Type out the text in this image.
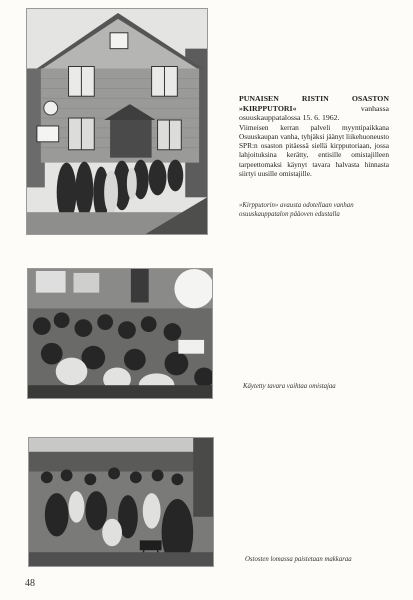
PUNAISEN RISTIN OSASTON »KIRPPUTORI«	vanhassa osuuskauppatalossa 15. 6. 1962.

Viimeisen kerran palveli myyntipaikkana Osuuskaupan vanha, tyhjäksi jäänyt liikehuoneusto SPR:n osaston pitäessä siellä kirpputoriaan, jossa lahjoituksina kerätty, entisille omistajilleen tarpeettomaksi käynyt tavara halvasta hinnasta siirtyi uusille omistajille.

»Kirpputorin» avausta odotellaan vanhan osuuskauppatalon pääoven edustalla
Käytetty tavara vaihtaa omistajaa
Ostosten lomassa paistetaan makkaraa
48
